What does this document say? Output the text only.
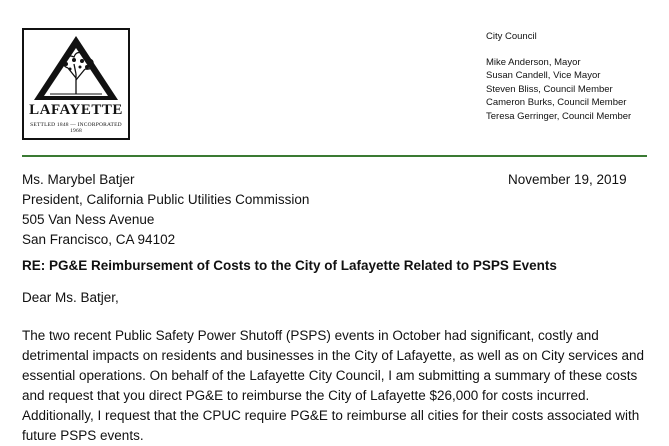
LAFAYETTE
SETTLED 1848 — INCORPORATED 1968
City Council
Mike Anderson, Mayor
Susan Candell, Vice Mayor
Steven Bliss, Council Member
Cameron Burks, Council Member
Teresa Gerringer, Council Member
Ms. Marybel Batjer
President, California Public Utilities Commission
505 Van Ness Avenue
San Francisco, CA 94102
November 19, 2019
RE: PG&E Reimbursement of Costs to the City of Lafayette Related to PSPS Events
Dear Ms. Batjer,
The two recent Public Safety Power Shutoff (PSPS) events in October had significant, costly and
detrimental impacts on residents and businesses in the City of Lafayette, as well as on City services and
essential operations. On behalf of the Lafayette City Council, I am submitting a summary of these costs
and request that you direct PG&E to reimburse the City of Lafayette $26,000 for costs incurred.
Additionally, I request that the CPUC require PG&E to reimburse all cities for their costs associated with
future PSPS events.
